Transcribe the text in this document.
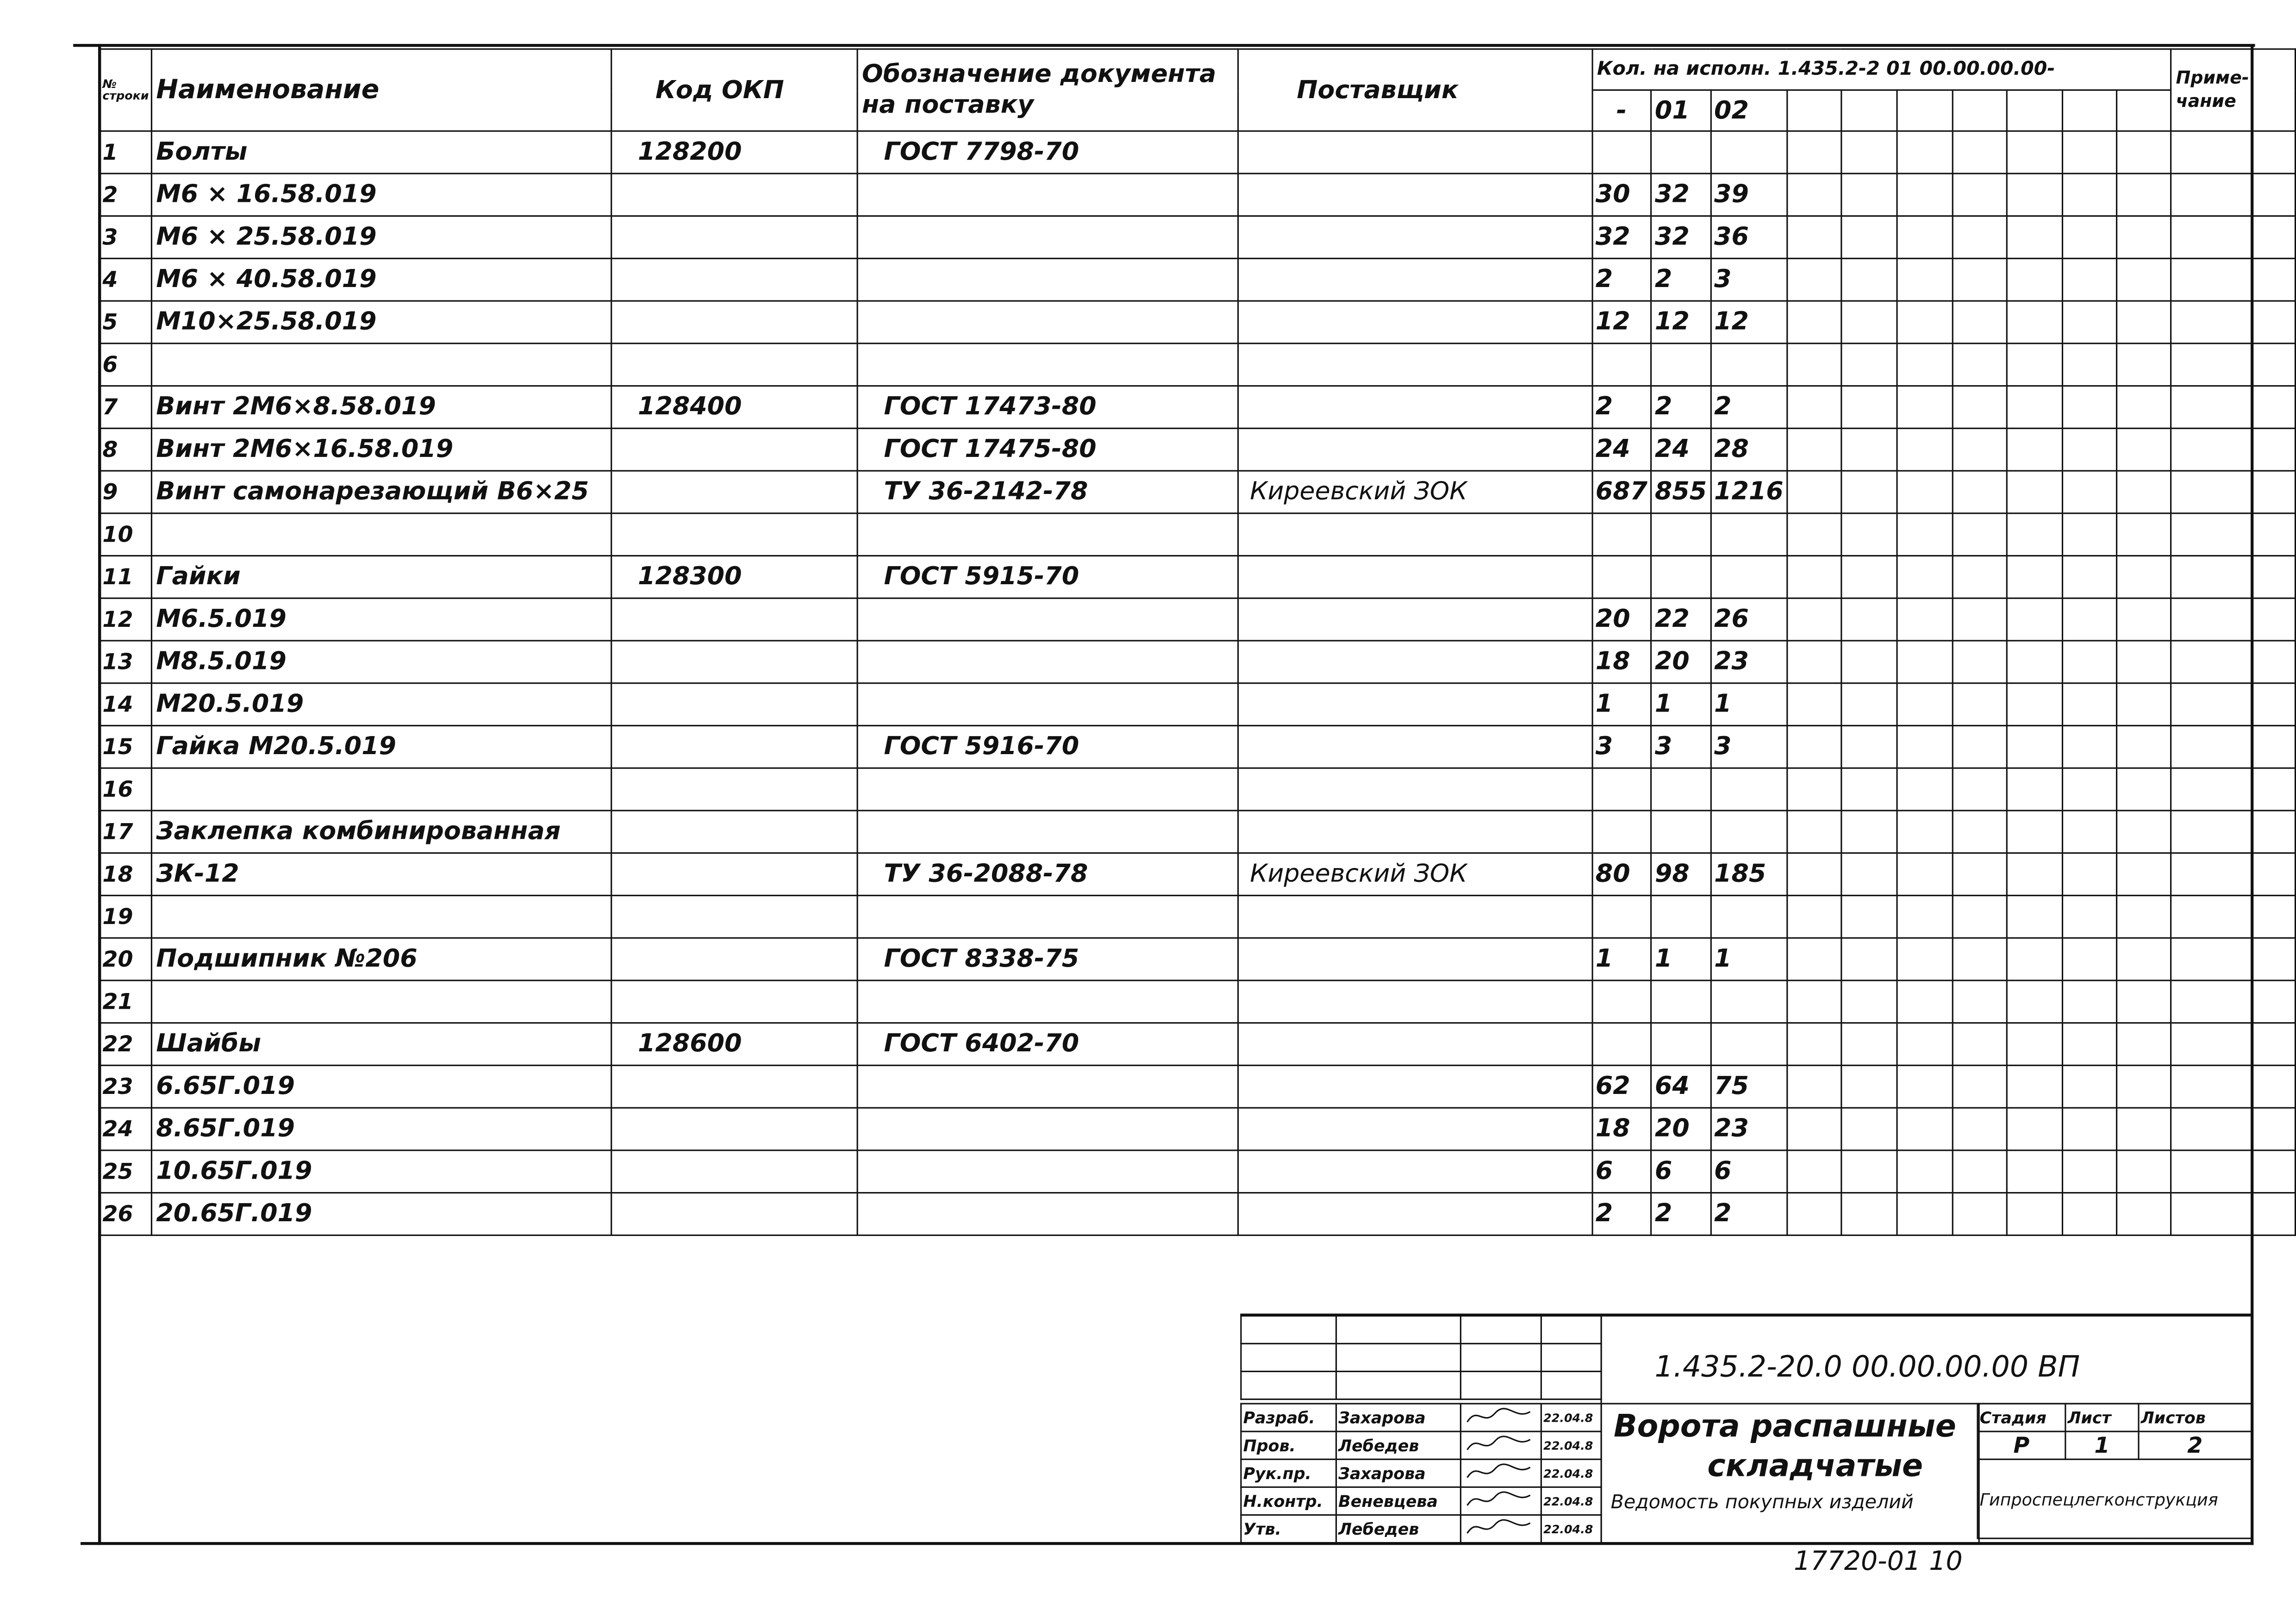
№ строки	Наименование	Код ОКП	Обозначение документа на поставку	Поставщик	Кол. на исполн. 1.435.2-2 01 00.00.00.00-										Приме-чание
					-	01	02								
1	Болты	128200	ГОСТ 7798-70												
2	М6 × 16.58.019				30	32	39								
3	М6 × 25.58.019				32	32	36								
4	М6 × 40.58.019				2	2	3								
5	М10×25.58.019				12	12	12								
6															
7	Винт 2М6×8.58.019	128400	ГОСТ 17473-80		2	2	2								
8	Винт 2М6×16.58.019		ГОСТ 17475-80		24	24	28								
9	Винт самонарезающий В6×25		ТУ 36-2142-78	Киреевский ЗОК	687	855	1216								
10															
11	Гайки	128300	ГОСТ 5915-70												
12	М6.5.019				20	22	26								
13	М8.5.019				18	20	23								
14	М20.5.019				1	1	1								
15	Гайка М20.5.019		ГОСТ 5916-70		3	3	3								
16															
17	Заклепка комбинированная														
18	ЗК-12		ТУ 36-2088-78	Киреевский ЗОК	80	98	185								
19															
20	Подшипник №206		ГОСТ 8338-75		1	1	1								
21															
22	Шайбы	128600	ГОСТ 6402-70												
23	6.65Г.019				62	64	75								
24	8.65Г.019				18	20	23								
25	10.65Г.019				6	6	6								
26	20.65Г.019				2	2	2								

Разраб.	Захарова		22.04.8
Пров.	Лебедев		22.04.8
Рук.пр.	Захарова		22.04.8
Н.контр.	Веневцева		22.04.8
Утв.	Лебедев		22.04.8
1.435.2-20.0 00.00.00.00 ВП
Ворота распашные
складчатые
Ведомость покупных изделий
Стадия	Лист	Листов
Р	1	2
Гипроспецлегконструкция		
17720-01 10
